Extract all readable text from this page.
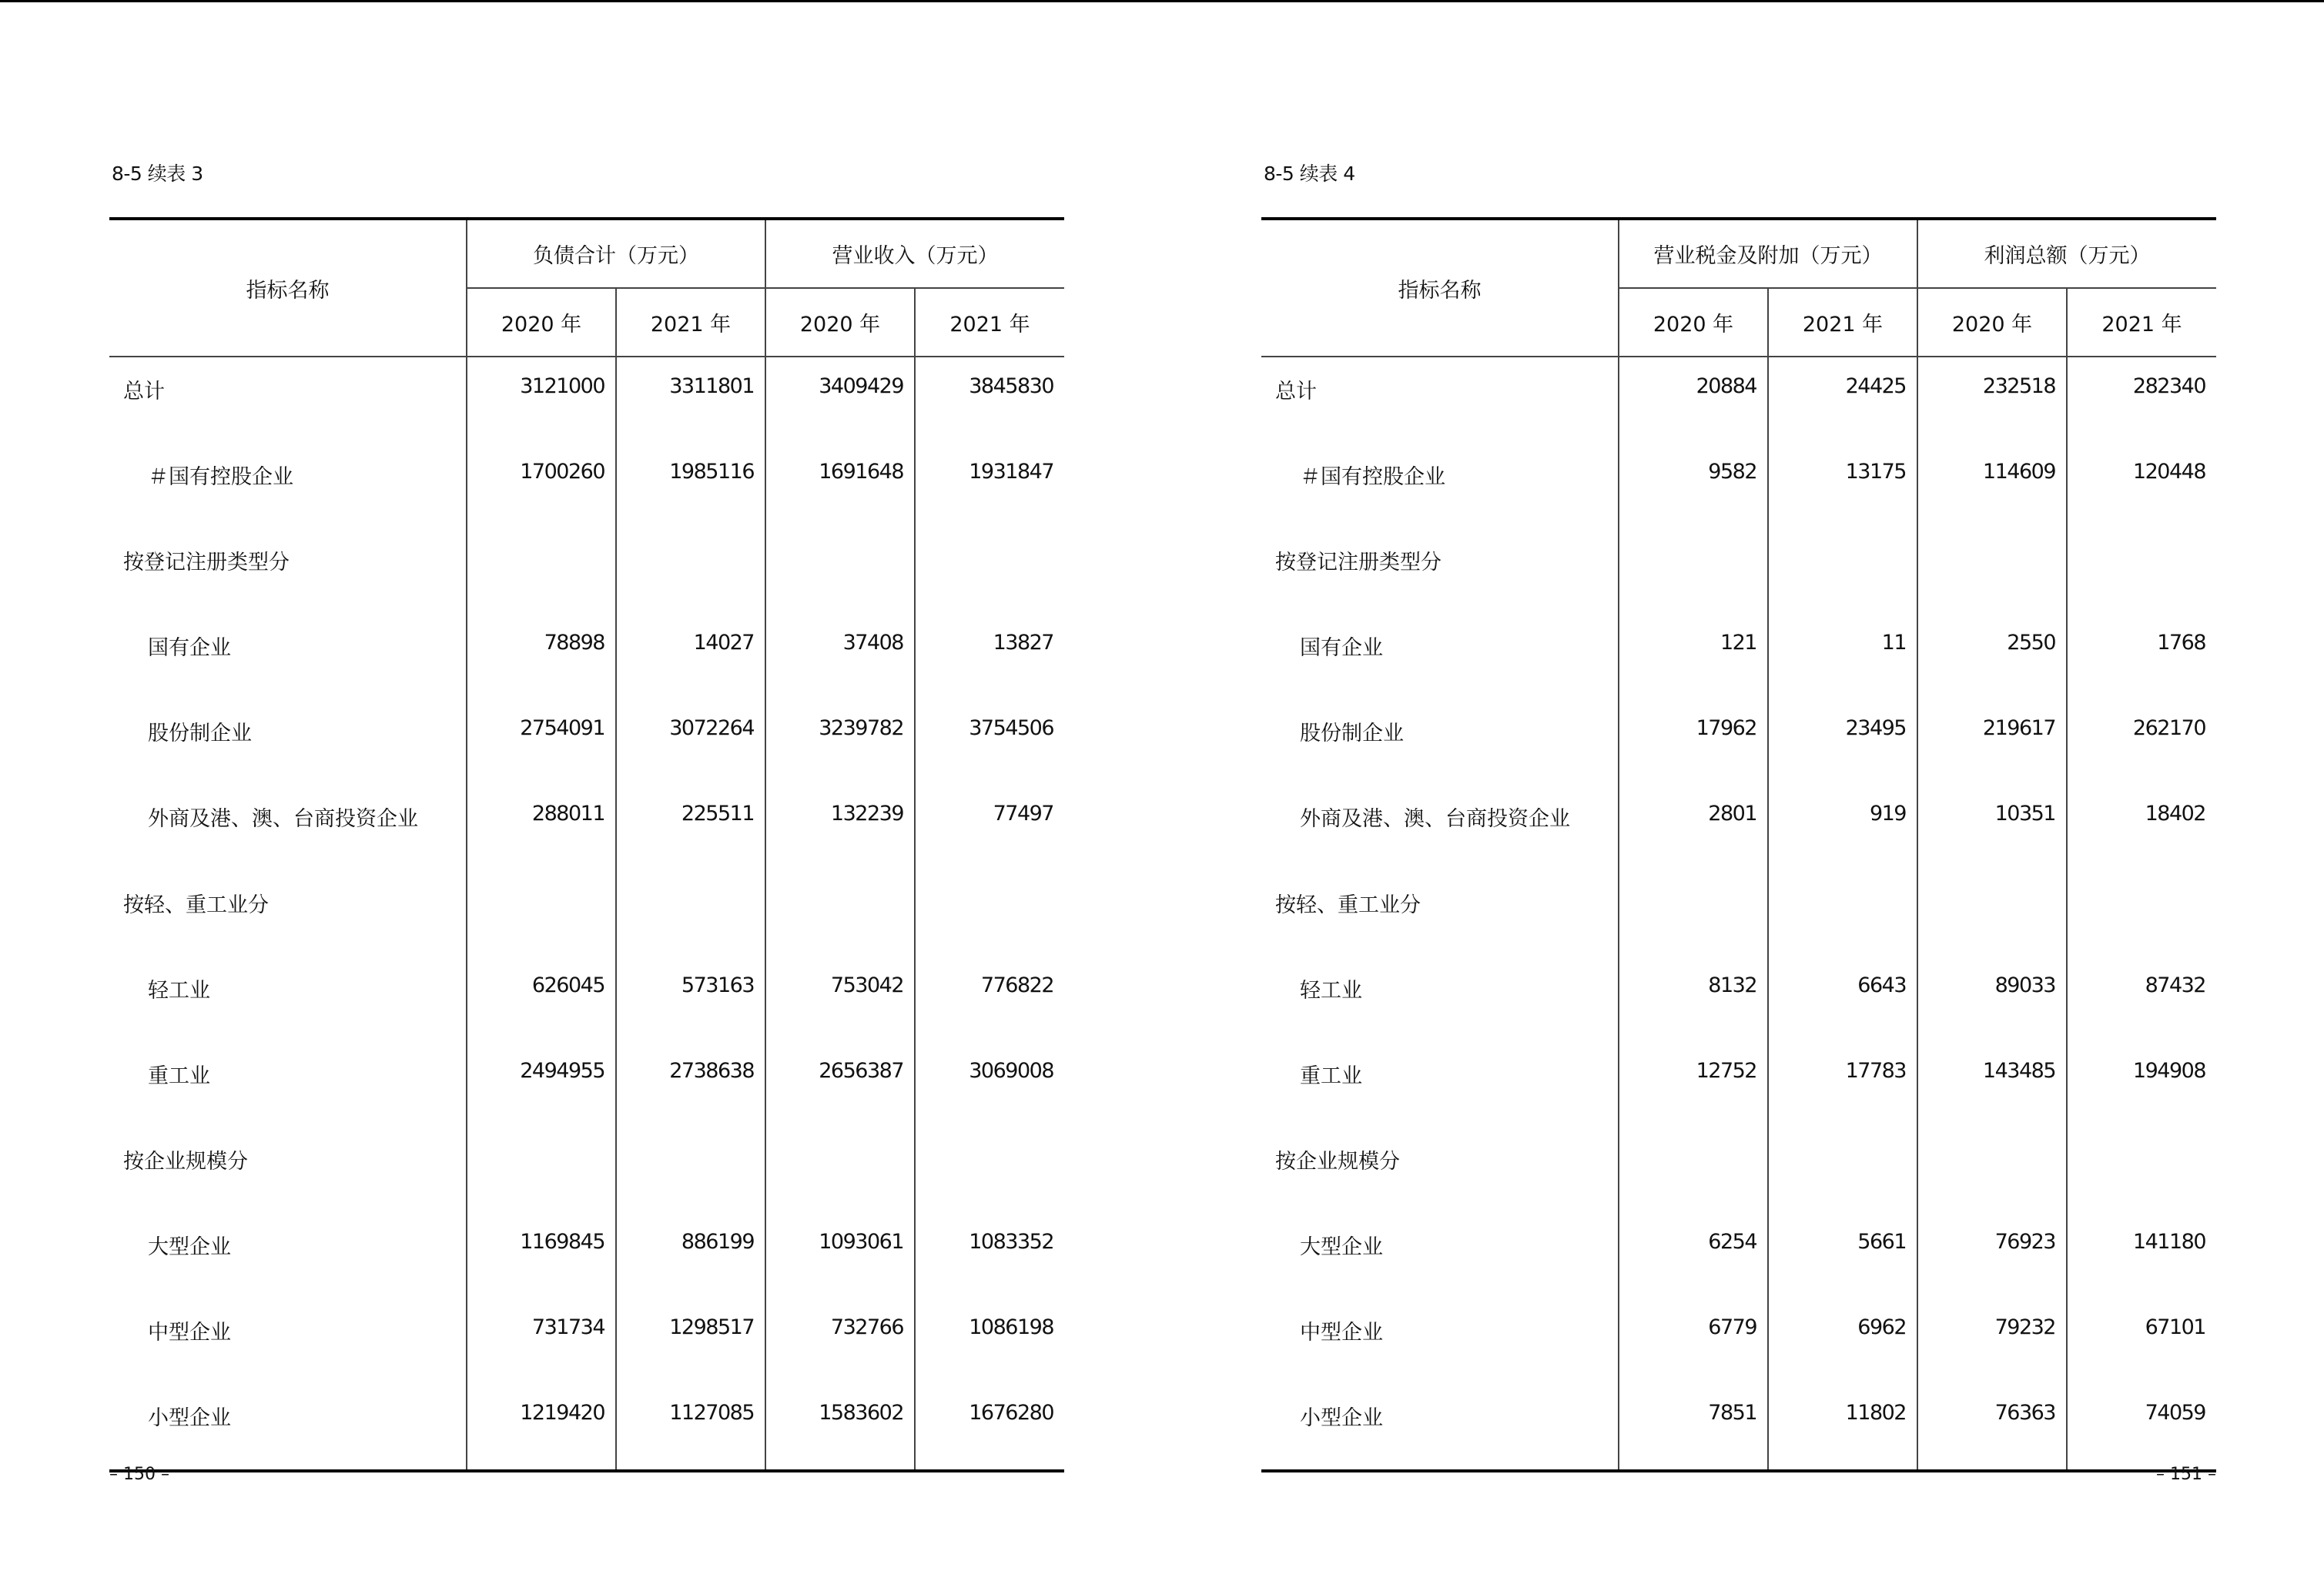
8-5 续表 3
指标名称	负债合计（万元）		营业收入（万元）	
	2020 年	2021 年	2020 年	2021 年

总计	3121000	3311801	3409429	3845830

＃国有控股企业	1700260	1985116	1691648	1931847

按登记注册类型分				

国有企业	78898	14027	37408	13827

股份制企业	2754091	3072264	3239782	3754506

外商及港、澳、台商投资企业	288011	225511	132239	77497

按轻、重工业分				

轻工业	626045	573163	753042	776822

重工业	2494955	2738638	2656387	3069008

按企业规模分				

大型企业	1169845	886199	1093061	1083352

中型企业	731734	1298517	732766	1086198

小型企业	1219420	1127085	1583602	1676280
– 150 –
8-5 续表 4
指标名称	营业税金及附加（万元）		利润总额（万元）	
	2020 年	2021 年	2020 年	2021 年

总计	20884	24425	232518	282340

＃国有控股企业	9582	13175	114609	120448

按登记注册类型分				

国有企业	121	11	2550	1768

股份制企业	17962	23495	219617	262170

外商及港、澳、台商投资企业	2801	919	10351	18402

按轻、重工业分				

轻工业	8132	6643	89033	87432

重工业	12752	17783	143485	194908

按企业规模分				

大型企业	6254	5661	76923	141180

中型企业	6779	6962	79232	67101

小型企业	7851	11802	76363	74059
– 151 –
